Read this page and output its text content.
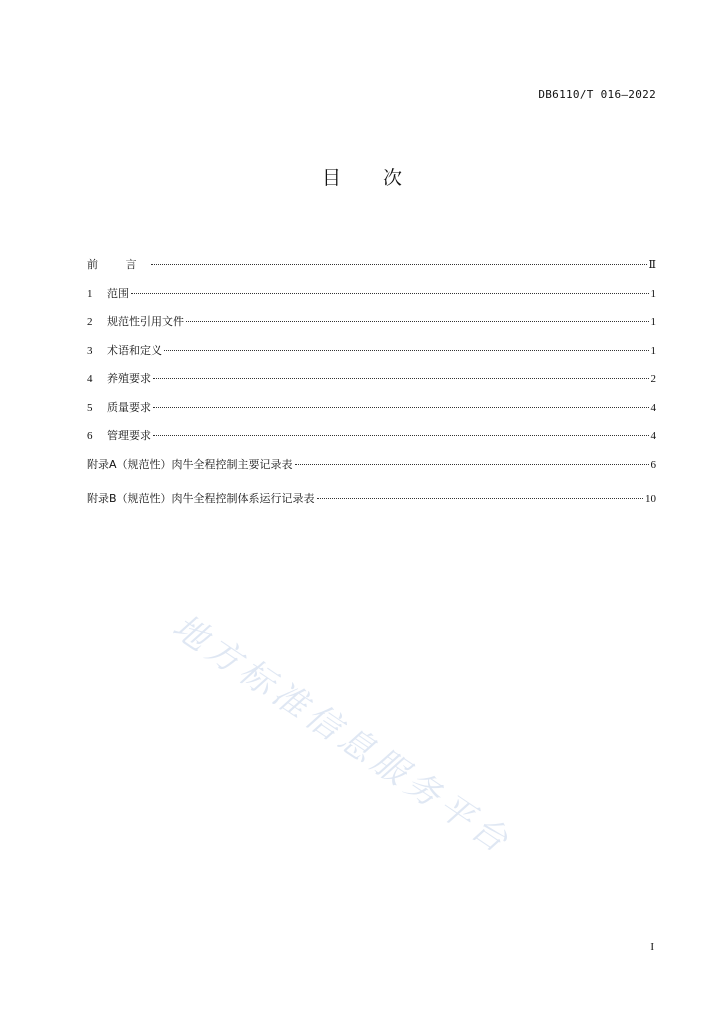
DB6110/T 016—2022
目 次
前 言	Ⅱ
1	范围	1
2	规范性引用文件	1
3	术语和定义	1
4	养殖要求	2
5	质量要求	4
6	管理要求	4
附录A（规范性）肉牛全程控制主要记录表	6
附录B（规范性）肉牛全程控制体系运行记录表	10
地方标准信息服务平台
I
